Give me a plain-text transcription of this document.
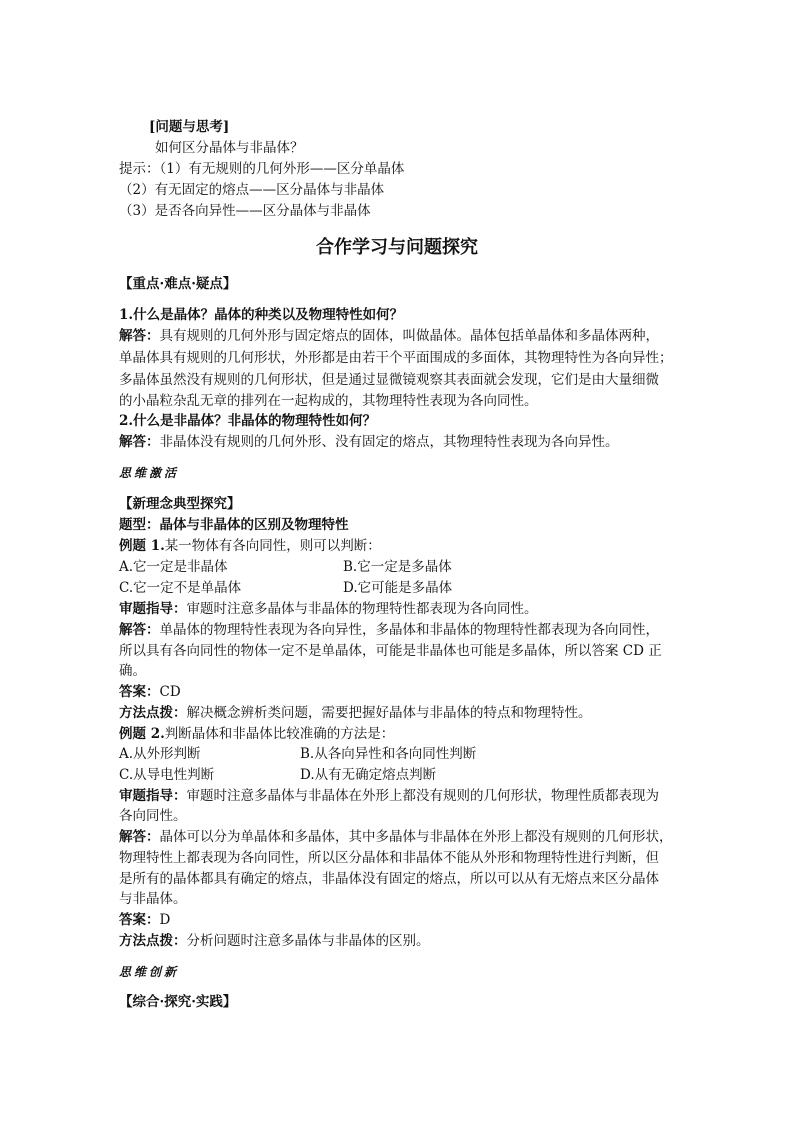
[问题与思考]
如何区分晶体与非晶体？
提示：（1）有无规则的几何外形——区分单晶体
（2）有无固定的熔点——区分晶体与非晶体
（3）是否各向异性——区分晶体与非晶体
合作学习与问题探究
【重点·难点·疑点】
1.什么是晶体？晶体的种类以及物理特性如何？
解答：具有规则的几何外形与固定熔点的固体，叫做晶体。晶体包括单晶体和多晶体两种，
单晶体具有规则的几何形状，外形都是由若干个平面围成的多面体，其物理特性为各向异性；
多晶体虽然没有规则的几何形状，但是通过显微镜观察其表面就会发现，它们是由大量细微
的小晶粒杂乱无章的排列在一起构成的，其物理特性表现为各向同性。
2.什么是非晶体？非晶体的物理特性如何？
解答：非晶体没有规则的几何外形、没有固定的熔点，其物理特性表现为各向异性。
思维激活
【新理念典型探究】
题型：晶体与非晶体的区别及物理特性
例题 1.某一物体有各向同性，则可以判断：
A.它一定是非晶体	B.它一定是多晶体
C.它一定不是单晶体	D.它可能是多晶体
审题指导：审题时注意多晶体与非晶体的物理特性都表现为各向同性。
解答：单晶体的物理特性表现为各向异性，多晶体和非晶体的物理特性都表现为各向同性，
所以具有各向同性的物体一定不是单晶体，可能是非晶体也可能是多晶体，所以答案 CD 正
确。
答案：CD
方法点拨：解决概念辨析类问题，需要把握好晶体与非晶体的特点和物理特性。
例题 2.判断晶体和非晶体比较准确的方法是：
A.从外形判断	B.从各向异性和各向同性判断
C.从导电性判断	D.从有无确定熔点判断
审题指导：审题时注意多晶体与非晶体在外形上都没有规则的几何形状，物理性质都表现为
各向同性。
解答：晶体可以分为单晶体和多晶体，其中多晶体与非晶体在外形上都没有规则的几何形状，
物理特性上都表现为各向同性，所以区分晶体和非晶体不能从外形和物理特性进行判断，但
是所有的晶体都具有确定的熔点，非晶体没有固定的熔点，所以可以从有无熔点来区分晶体
与非晶体。
答案：D
方法点拨：分析问题时注意多晶体与非晶体的区别。
思维创新
【综合·探究·实践】
